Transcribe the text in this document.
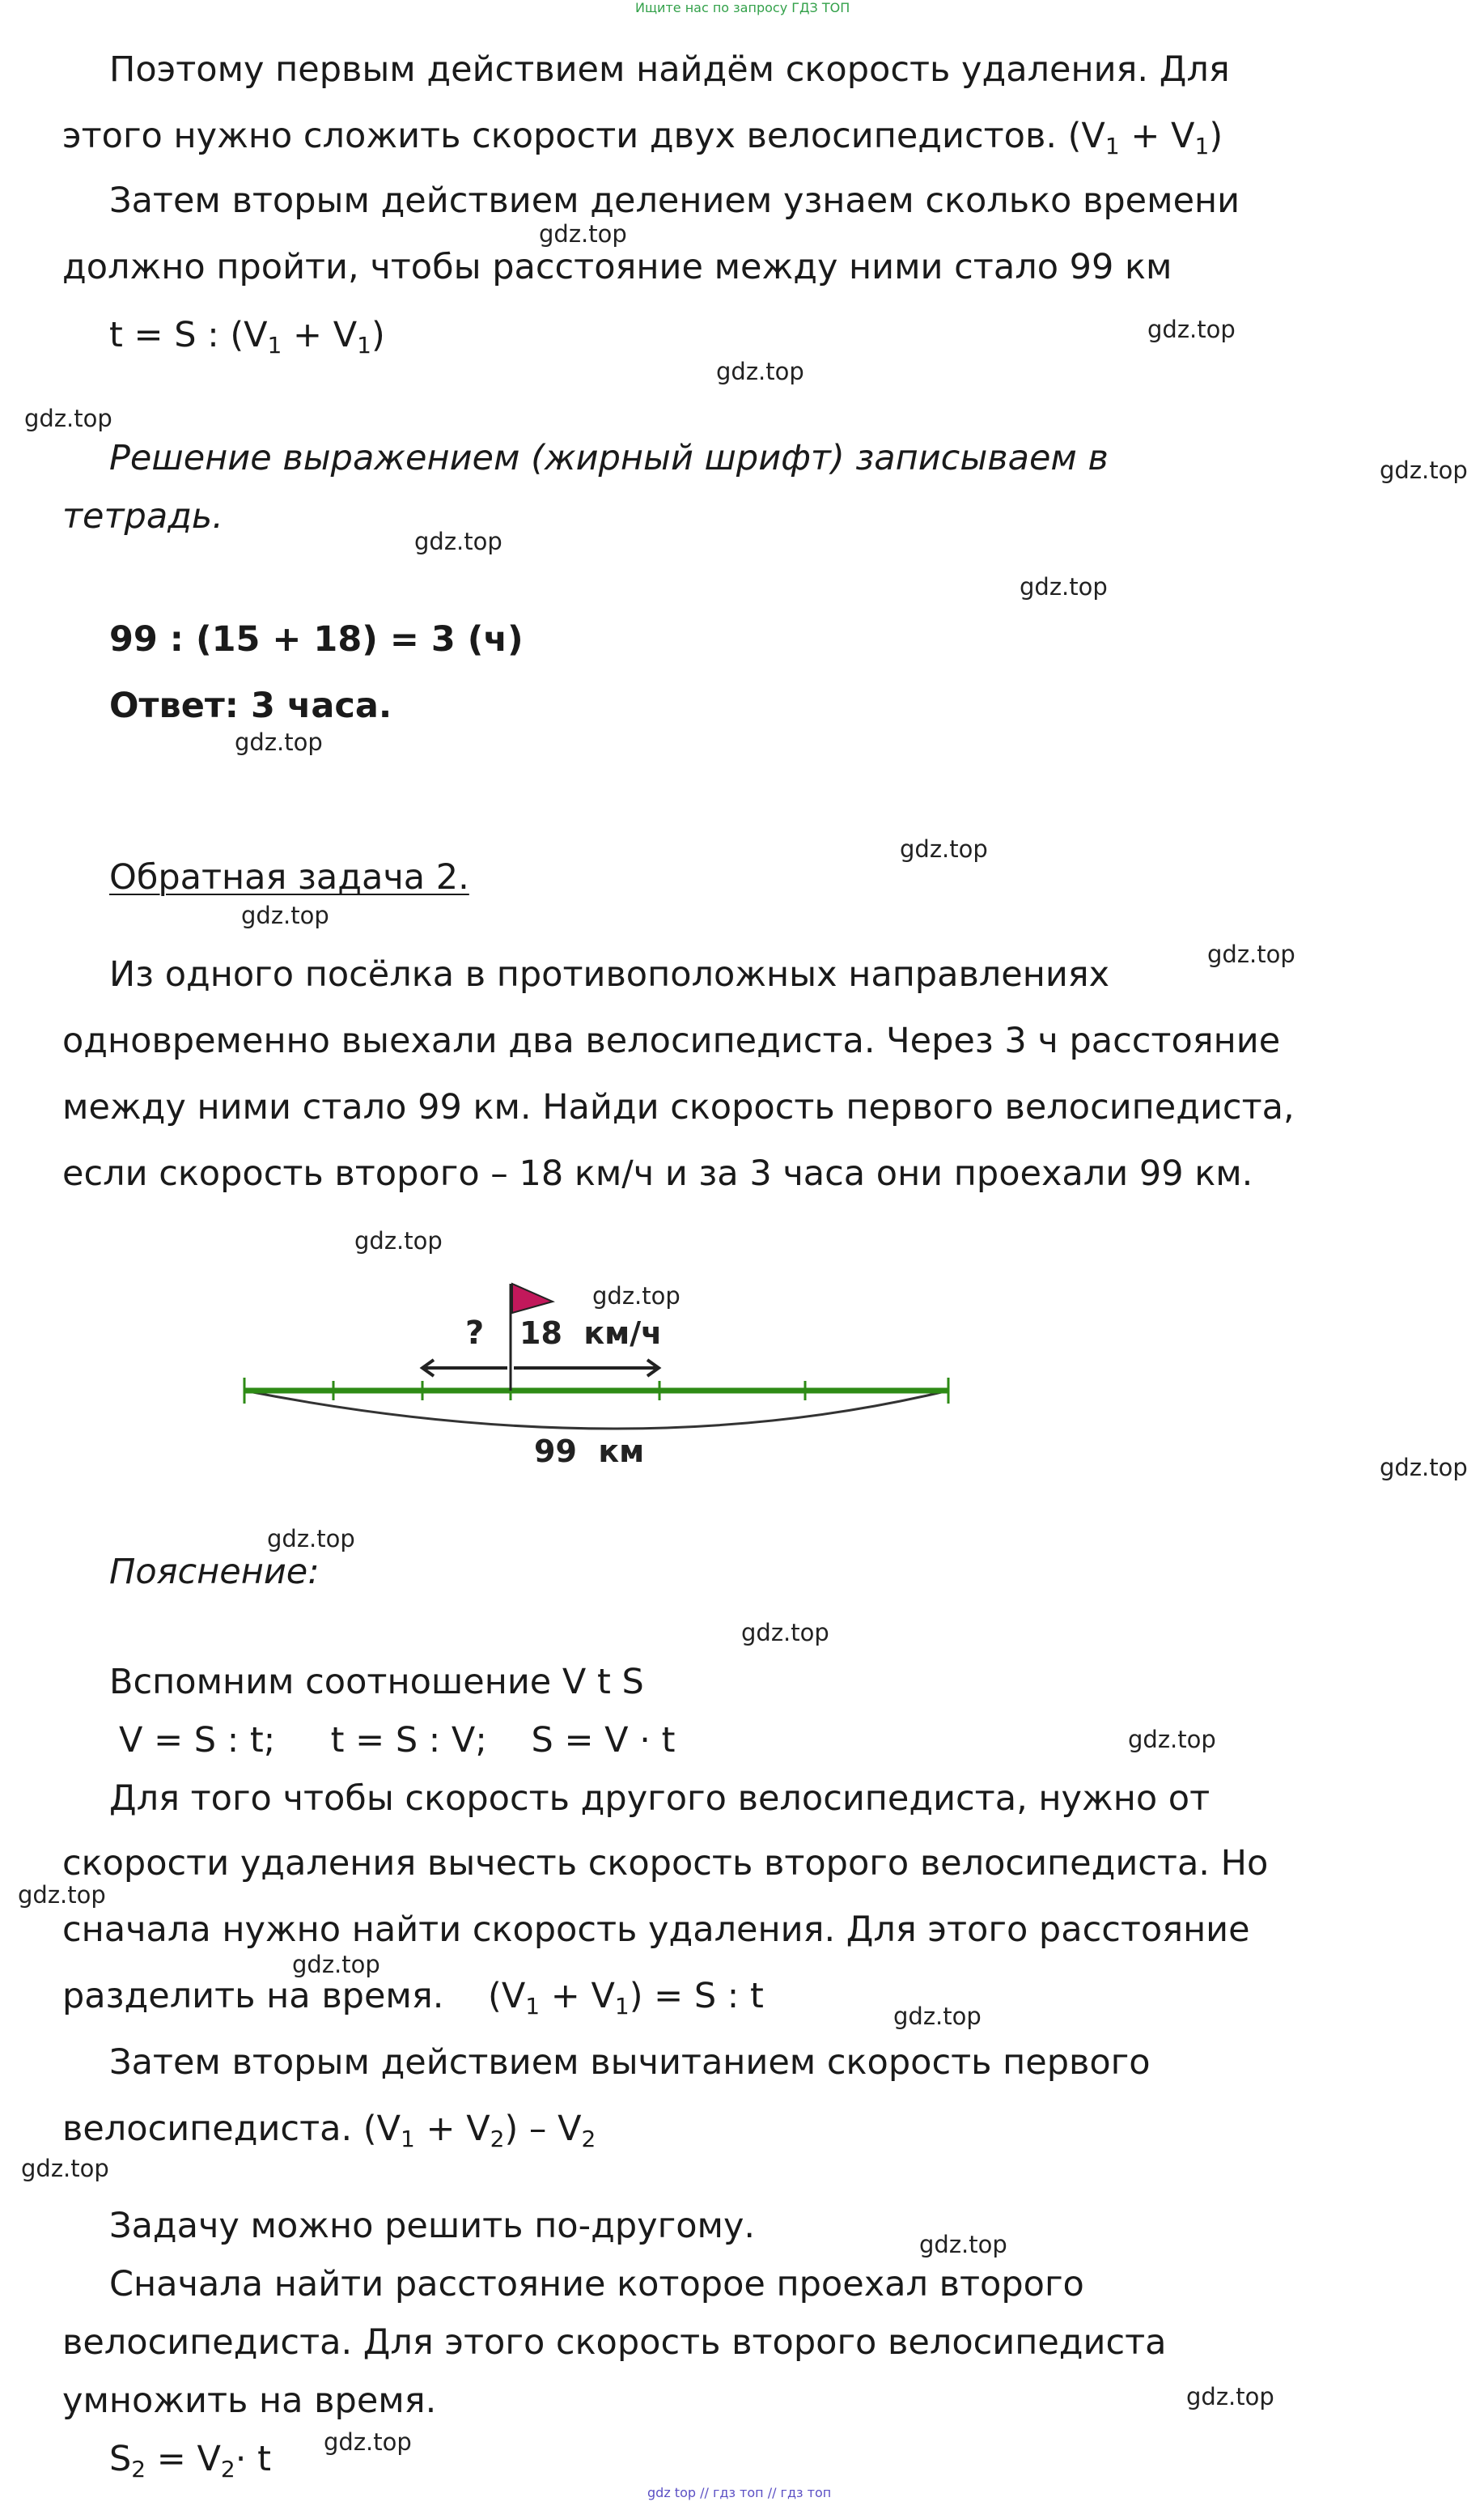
Ищите нас по запросу ГДЗ ТОП
gdz top // гдз топ // гдз топ
Поэтому первым действием найдём скорость удаления. Для
этого нужно сложить скорости двух велосипедистов. $(V_1 + V_1)$
Затем вторым действием делением узнаем сколько времени
должно пройти, чтобы расстояние между ними стало 99 км
t = S : $(V_1 + V_1)$
Решение выражением (жирный шрифт) записываем в
тетрадь.
99 : (15 + 18) = 3 (ч)
Ответ: 3 часа.
Обратная задача 2.
Из одного посёлка в противоположных направлениях
одновременно выехали два велосипедиста. Через 3 ч расстояние
между ними стало 99 км. Найди скорость первого велосипедиста,
если скорость второго – 18 км/ч и за 3 часа они проехали 99 км.
? 18  км/ч
99  км
Пояснение:
Вспомним соотношение V t S
V = S : t;     t = S : V;    S = V · t
Для того чтобы скорость другого велосипедиста, нужно от
скорости удаления вычесть скорость второго велосипедиста. Но
сначала нужно найти скорость удаления. Для этого расстояние
разделить на время.    $(V_1 + V_1) = S$ : t
Затем вторым действием вычитанием скорость первого
велосипедиста. $(V_1 + V_2) - V_2$
Задачу можно решить по-другому.
Сначала найти расстояние которое проехал второго
велосипедиста. Для этого скорость второго велосипедиста
умножить на время.
$S_2 = V_2\cdot t$
gdz.top
gdz.top
gdz.top
gdz.top
gdz.top
gdz.top
gdz.top
gdz.top
gdz.top
gdz.top
gdz.top
gdz.top
gdz.top
gdz.top
gdz.top
gdz.top
gdz.top
gdz.top
gdz.top
gdz.top
gdz.top
gdz.top
gdz.top
gdz.top
